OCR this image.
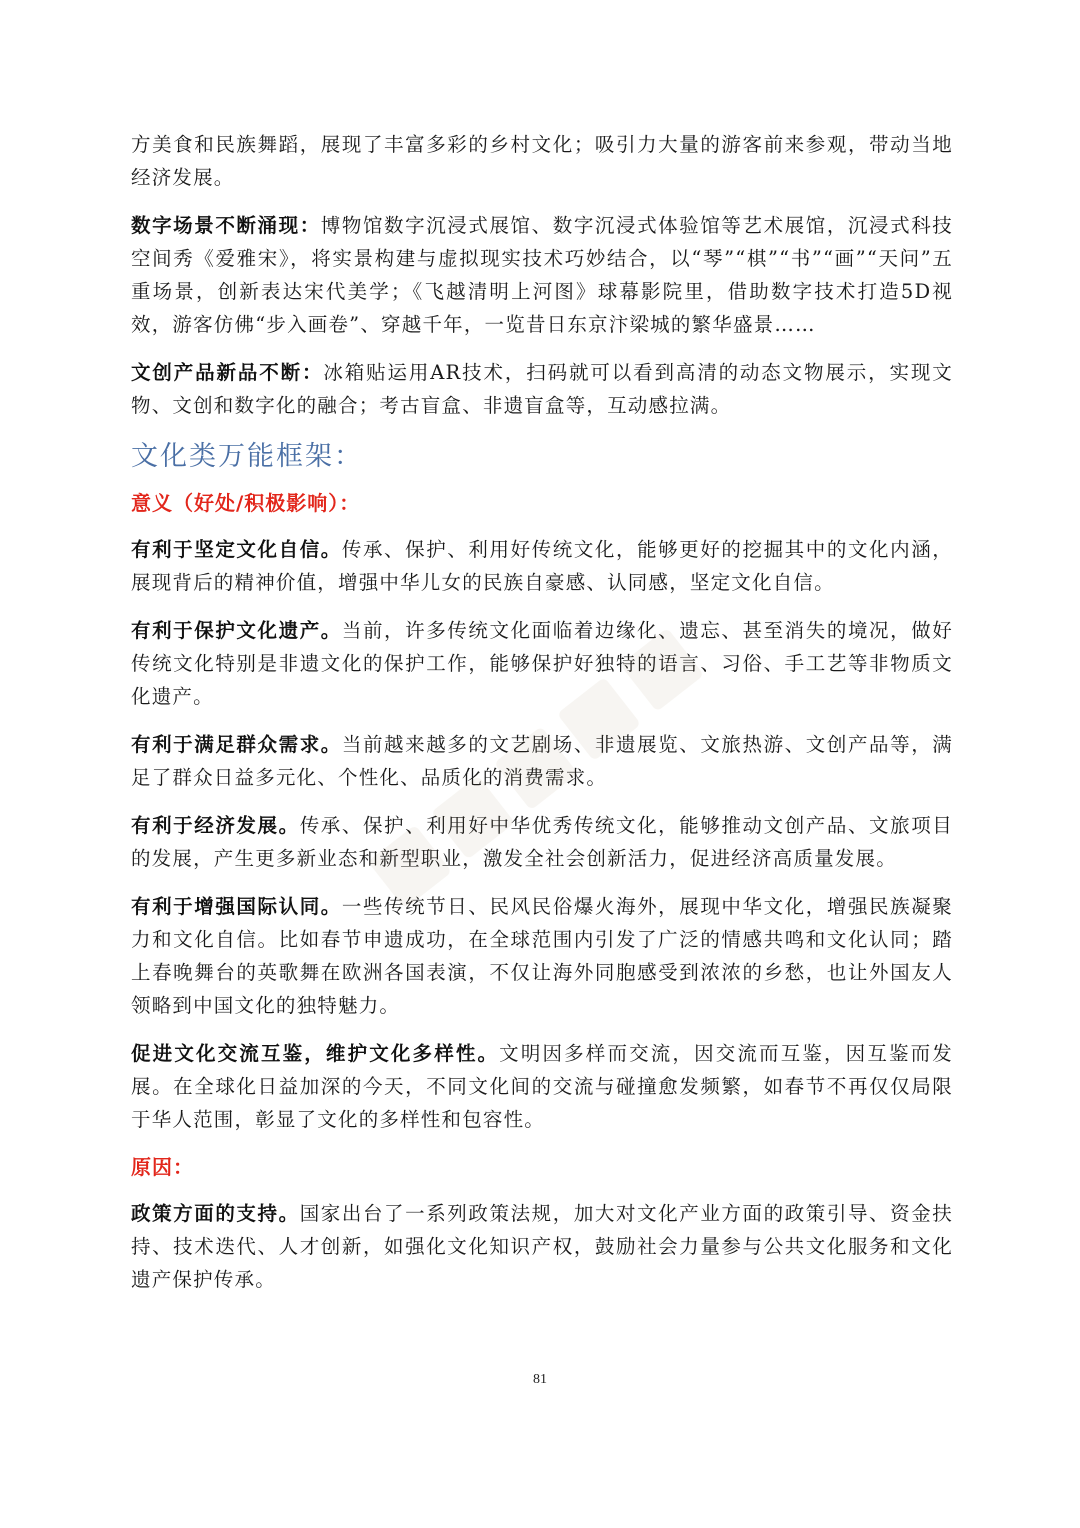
方美食和民族舞蹈，展现了丰富多彩的乡村文化；吸引力大量的游客前来参观，带动当地经济发展。

数字场景不断涌现：博物馆数字沉浸式展馆、数字沉浸式体验馆等艺术展馆，沉浸式科技空间秀《爱雅宋》，将实景构建与虚拟现实技术巧妙结合，以“琴”“棋”“书”“画”“天问”五重场景，创新表达宋代美学；《飞越清明上河图》球幕影院里，借助数字技术打造5D视效，游客仿佛“步入画卷”、穿越千年，一览昔日东京汴梁城的繁华盛景……

文创产品新品不断：冰箱贴运用AR技术，扫码就可以看到高清的动态文物展示，实现文物、文创和数字化的融合；考古盲盒、非遗盲盒等，互动感拉满。

文化类万能框架：
意义（好处/积极影响）：

有利于坚定文化自信。传承、保护、利用好传统文化，能够更好的挖掘其中的文化内涵，展现背后的精神价值，增强中华儿女的民族自豪感、认同感，坚定文化自信。

有利于保护文化遗产。当前，许多传统文化面临着边缘化、遗忘、甚至消失的境况，做好传统文化特别是非遗文化的保护工作，能够保护好独特的语言、习俗、手工艺等非物质文化遗产。

有利于满足群众需求。当前越来越多的文艺剧场、非遗展览、文旅热游、文创产品等，满足了群众日益多元化、个性化、品质化的消费需求。

有利于经济发展。传承、保护、利用好中华优秀传统文化，能够推动文创产品、文旅项目的发展，产生更多新业态和新型职业，激发全社会创新活力，促进经济高质量发展。

有利于增强国际认同。一些传统节日、民风民俗爆火海外，展现中华文化，增强民族凝聚力和文化自信。比如春节申遗成功，在全球范围内引发了广泛的情感共鸣和文化认同；踏上春晚舞台的英歌舞在欧洲各国表演，不仅让海外同胞感受到浓浓的乡愁，也让外国友人领略到中国文化的独特魅力。

促进文化交流互鉴，维护文化多样性。文明因多样而交流，因交流而互鉴，因互鉴而发展。在全球化日益加深的今天，不同文化间的交流与碰撞愈发频繁，如春节不再仅仅局限于华人范围，彰显了文化的多样性和包容性。

原因：

政策方面的支持。国家出台了一系列政策法规，加大对文化产业方面的政策引导、资金扶持、技术迭代、人才创新，如强化文化知识产权，鼓励社会力量参与公共文化服务和文化遗产保护传承。

81
